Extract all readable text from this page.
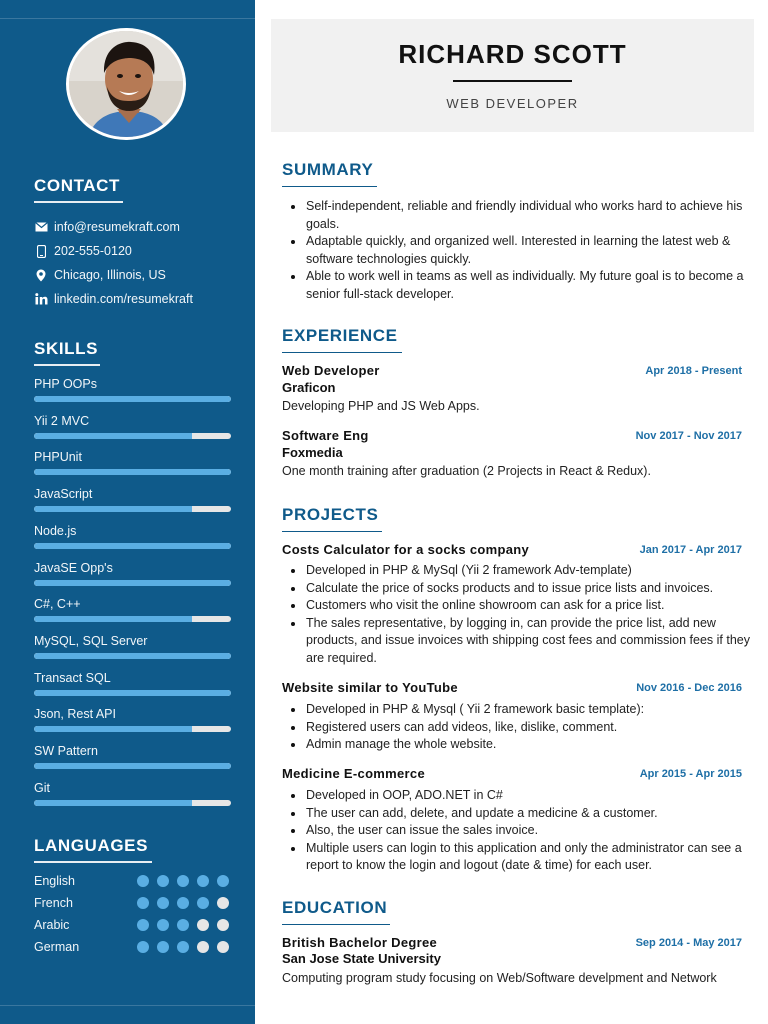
CONTACT
info@resumekraft.com
202-555-0120
Chicago, Illinois, US
linkedin.com/resumekraft
SKILLS
PHP OOPs
Yii 2 MVC
PHPUnit
JavaScript
Node.js
JavaSE Opp's
C#, C++
MySQL, SQL Server
Transact SQL
Json, Rest API
SW Pattern
Git
LANGUAGES
English
French
Arabic
German
RICHARD SCOTT
WEB DEVELOPER
SUMMARY
Self-independent, reliable and friendly individual who works hard to achieve his goals.
Adaptable quickly, and organized well. Interested in learning the latest web & software technologies quickly.
Able to work well in teams as well as individually. My future goal is to become a senior full-stack developer.
EXPERIENCE
Web Developer	Apr 2018 - Present
Graficon
Developing PHP and JS Web Apps.
Software Eng	Nov 2017 - Nov 2017
Foxmedia
One month training after graduation (2 Projects in React & Redux).
PROJECTS
Costs Calculator for a socks company	Jan 2017 - Apr 2017
Developed in PHP & MySql (Yii 2 framework Adv-template)
Calculate the price of socks products and to issue price lists and invoices.
Customers who visit the online showroom can ask for a price list.
The sales representative, by logging in, can provide the price list, add new products, and issue invoices with shipping cost fees and commission fees if they are required.
Website similar to YouTube	Nov 2016 - Dec 2016
Developed in PHP & Mysql ( Yii 2 framework basic template):
Registered users can add videos, like, dislike, comment.
Admin manage the whole website.
Medicine E-commerce	Apr 2015 - Apr 2015
Developed in OOP, ADO.NET in C#
The user can add, delete, and update a medicine & a customer.
Also, the user can issue the sales invoice.
Multiple users can login to this application and only the administrator can see a report to know the login and logout (date & time) for each user.
EDUCATION
British Bachelor Degree	Sep 2014 - May 2017
San Jose State University
Computing program study focusing on Web/Software develpment and Network
